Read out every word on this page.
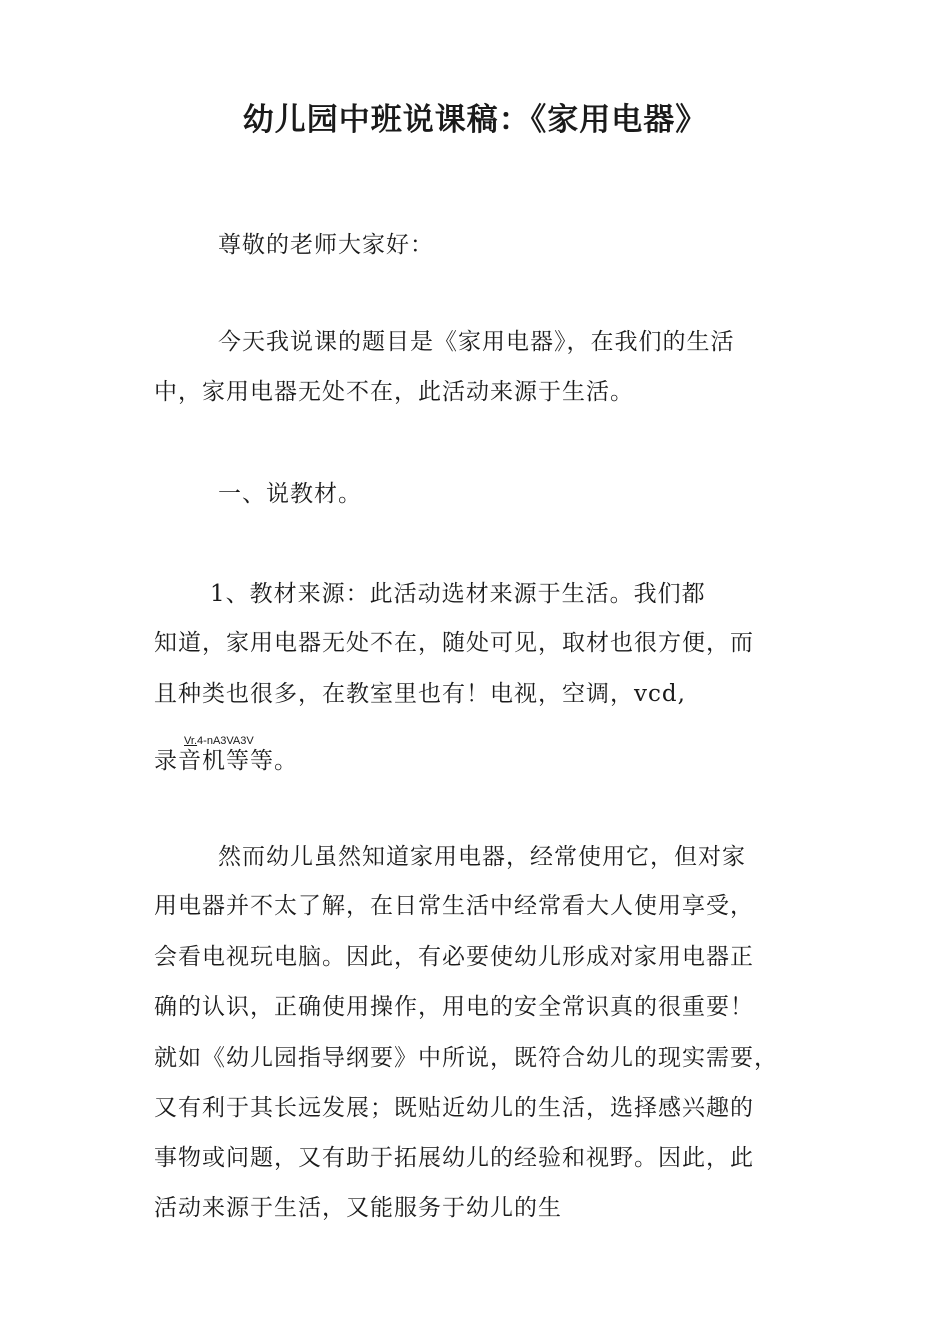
幼儿园中班说课稿：《家用电器》

尊敬的老师大家好：

今天我说课的题目是《家用电器》，在我们的生活

中，家用电器无处不在，此活动来源于生活。

一、说教材。

1、教材来源：此活动选材来源于生活。我们都

知道，家用电器无处不在，随处可见，取材也很方便，而

且种类也很多，在教室里也有！电视，空调，vcd,

Vr.4-nA3VA3V

录音机等等。

然而幼儿虽然知道家用电器，经常使用它，但对家

用电器并不太了解，在日常生活中经常看大人使用享受，

会看电视玩电脑。因此，有必要使幼儿形成对家用电器正

确的认识，正确使用操作，用电的安全常识真的很重要！

就如《幼儿园指导纲要》中所说，既符合幼儿的现实需要，

又有利于其长远发展；既贴近幼儿的生活，选择感兴趣的

事物或问题，又有助于拓展幼儿的经验和视野。因此，此

活动来源于生活，又能服务于幼儿的生
